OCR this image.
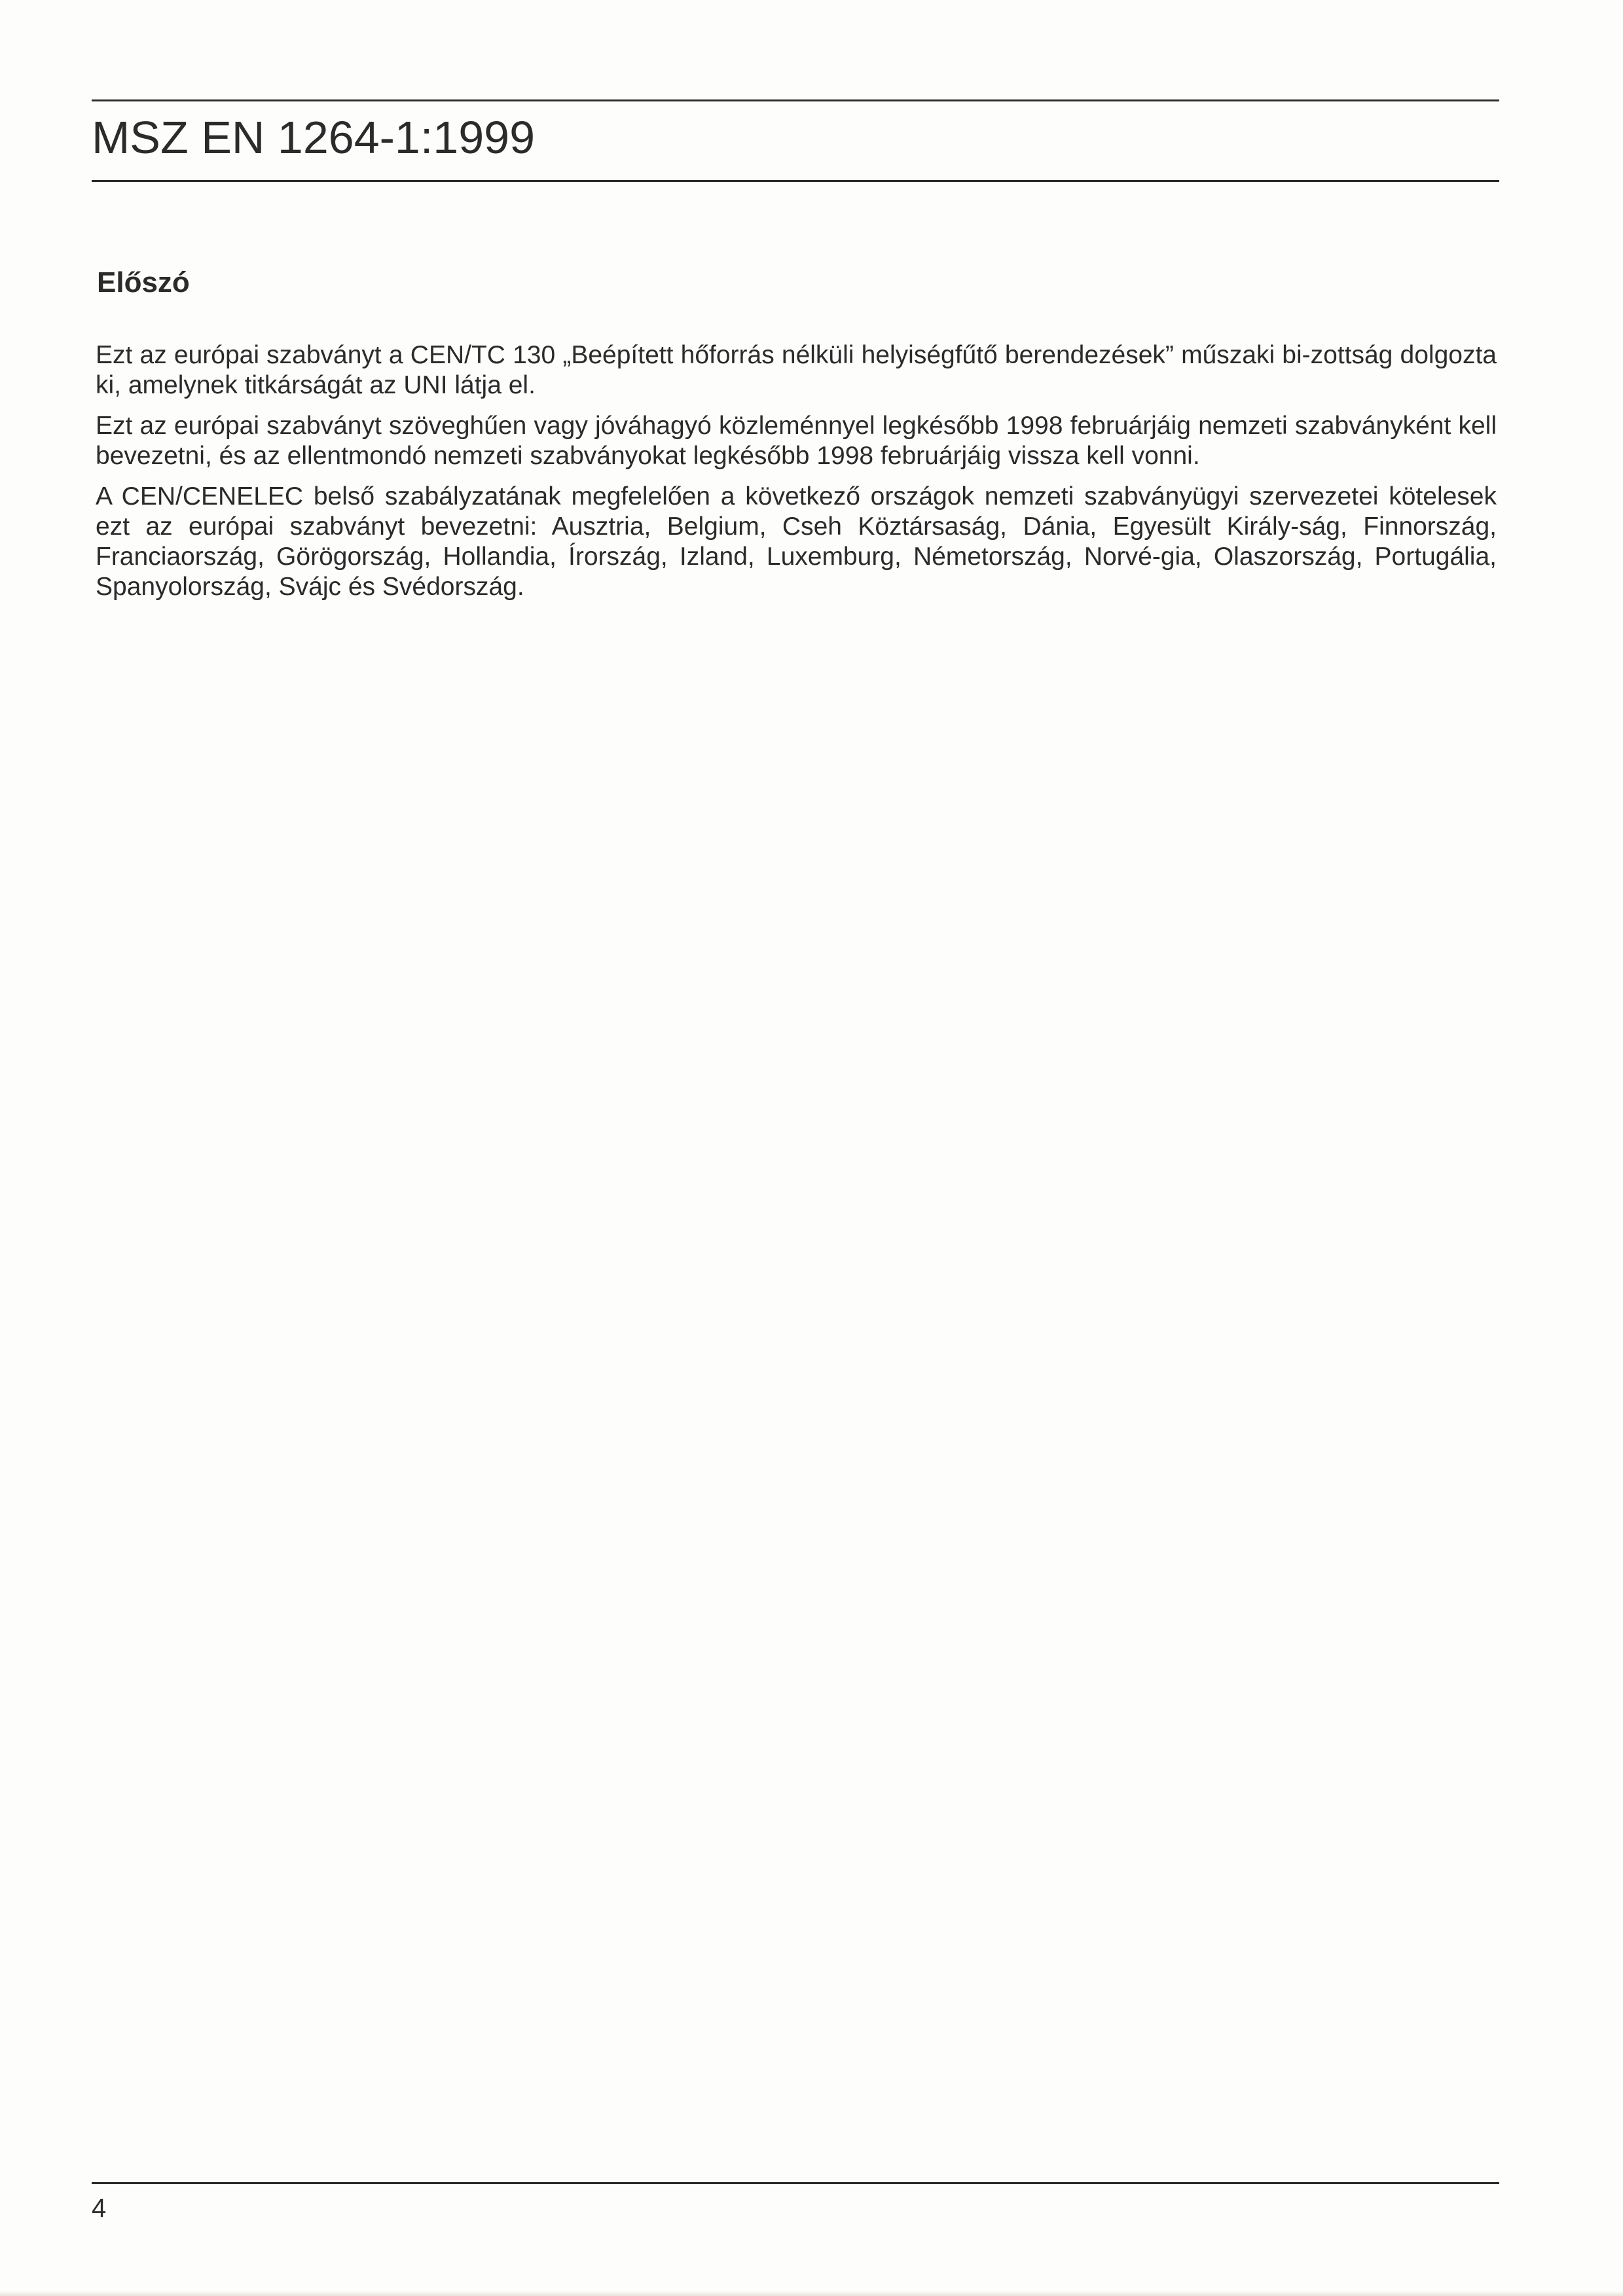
MSZ EN 1264-1:1999
Előszó

Ezt az európai szabványt a CEN/TC 130 „Beépített hőforrás nélküli helyiségfűtő berendezések” műszaki bi-zottság dolgozta ki, amelynek titkárságát az UNI látja el.

Ezt az európai szabványt szöveghűen vagy jóváhagyó közleménnyel legkésőbb 1998 februárjáig nemzeti szabványként kell bevezetni, és az ellentmondó nemzeti szabványokat legkésőbb 1998 februárjáig vissza kell vonni.

A CEN/CENELEC belső szabályzatának megfelelően a következő országok nemzeti szabványügyi szervezetei kötelesek ezt az európai szabványt bevezetni: Ausztria, Belgium, Cseh Köztársaság, Dánia, Egyesült Király-ság, Finnország, Franciaország, Görögország, Hollandia, Írország, Izland, Luxemburg, Németország, Norvé-gia, Olaszország, Portugália, Spanyolország, Svájc és Svédország.

4
